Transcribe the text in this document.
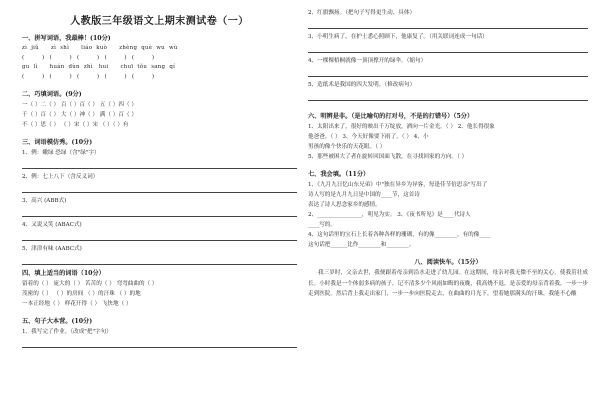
人教版三年级语文上期末测试卷（一）
一、拼写词语，我最棒！(10分)
zì  jiǔ      zì  shì      liáo  kuò      zhèng  què  wu  wù
(          )   (          )   (          )   (          )   (          )
gu  lì      huán  dùn  zhì   hui      chuī  tǒu  sang  qí
(          )   (          )   (          )   (          )   (          )
二、巧填词语。(9分)
一（ ）二（ ） 百（ ）百（ ） 五（ ）四（ ）
千（ ）百（ ） 大（ ）神（ ） 满（ ）百（ ）
不（ ）思（ ） （ ）宋（ ）宋 （ ）（ ）有
三、词语模仿秀。(10分)
1、例：嫩绿 恐绿（含"绿"字）
2、例：七上八下（含反义词）
3、高兴 (ABB式)
4、又说又笑 (ABAC式)
5、津津有味 (AABC式)
四、填上适当的词语（10分）
留着的（ ） 庞大的（ ） 苦苦的（ ） 弯弯曲曲的（ ）
茂密的（ ） （ ）的房间 （ ）的汗珠 （ ）的地
一本正经地（ ） 样花开得（ ） 飞快地（ ）
五、句子大本营。(10分)
1、我写完了作业。（改成"把"字句）
2、红旗飘扬。（把句子写得更生动、具体）
3、小明生病了，在护士悉心照顾下，他康复了。（用关联词连成一句话）
4、一棵棵梧桐就像一顶顶撑开的绿伞。（缩句）
5、造纸术是我国的四大发明。（修改病句）
六、明辨是非。（是比喻句的打对号，不是的打错号）（5分）
1、太阳出来了，很好的映出千万绽放，洒向一片金光。（ ） 2、他长得很象
他爸爸。（ ） 3、今天好像要下雨了。（ ） 4、小
男孩的像个快乐的天花眼。（ ）
5、那些被困大了者在旋转回国面飞散，在寻找回家的方向。（ ）
七、我会填。（11分）
1、《九月九日忆山东兄弟》中"独在异乡为异客，每逢佳节倍思亲"写出了
诗人写的是九月九日是中国的____节，这首诗
表达了诗人思念家乡的感情。
2、________________，明见为实。 3、《夜书所见》是____代诗人
____写的。
4、这句话里的宝石上长着各种各样的珊瑚，有的像________，有的像____
这句话把______比作________和________。
八、阅读快车。（15分）
我三岁时，父亲去世，我便跟着母亲到沿水走进了幼儿园。在这期间，母亲对我无微不至的关心，使我茁壮成长。小时我是一个体弱多病的孩子，记不清多少个风雨如晦的夜晚，我高烧不退，是亲爱的母亲背着我，一步一步走到医院。然后背上我走出家门，一步一步向医院走去，在曲曲的月光下，望着她那满头的汗珠，我能不心酸
